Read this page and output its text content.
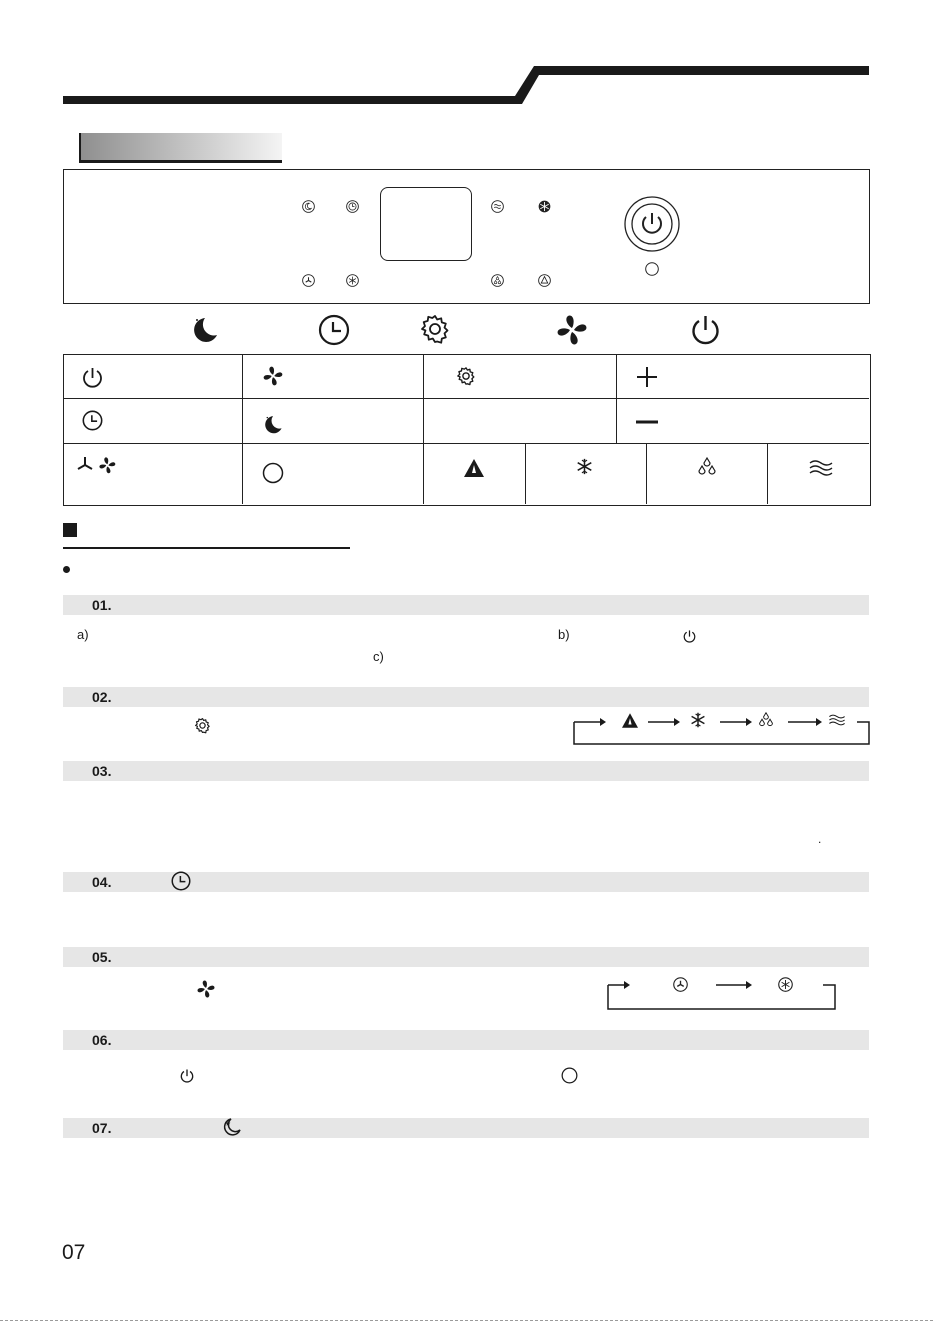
01.
a)	b)
c)
02.
03.
.
04.
05.
06.
07.
07
